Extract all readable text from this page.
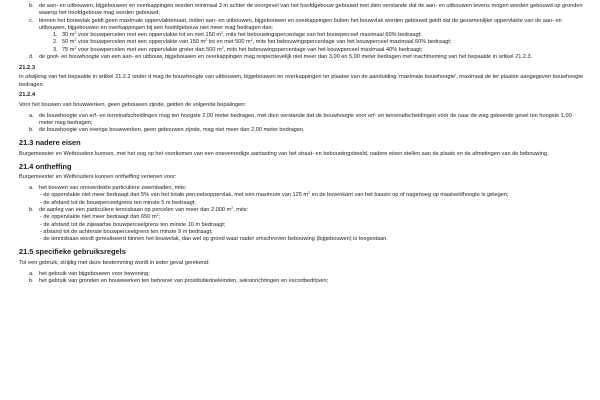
b. de aan- en uitbouwen, bijgebouwen en overkappingen worden minimaal 3 m achter de voorgevel van het hoofdgebouw gebouwd met dien verstande dat de aan- en uitbouwen tevens mogen worden gebouwd op gronden waarop het hoofdgebouw mag worden gebouwd;
c.	binnen het bouwvlak geldt geen maximale oppervlaktemaat, indien aan- en uitbouwen, bijgebouwen en overkappingen buiten het bouwvlak worden gebouwd geldt dat de gezamenlijke oppervlakte van de aan- en uitbouwen, bijgebouwen en overkappingen bij een hoofdgebouw niet meer mag bedragen dan:
1. 30 $m^2$ voor bouwpercelen met een oppervlakte tot en met 150 $m^2$, mits het bebouwingspercentage van het bouwperceel maximaal 60% bedraagt;
2. 50 $m^2$ voor bouwpercelen met een oppervlakte van 150 $m^2$ tot en met 500 $m^2$, mits het bebouwingspercentage van het bouwperceel maximaal 60% bedraagt;
3. 75 $m^2$ voor bouwpercelen met een oppervlakte groter dan 500 $m^2$, mits het bebouwingspercentage van het bouwperceel maximaal 40% bedraagt;
d. de goot- en bouwhoogte van een aan- en uitbouw, bijgebouwen en overkappingen mag respectievelijk niet meer dan 3,00 en 5,00 meter bedragen met inachtneming van het bepaalde in artikel 21.2.3.
21.2.3
In afwijking van het bepaalde in artikel 21.2.2 onder d mag de bouwhoogte van uitbouwen, bijgebouwen en overkappingen ter plaatse van de aanduiding 'maximale bouwhoogte', maximaal de ter plaatse aangegeven bouwhoogte bedragen.
21.2.4
Voor het bouwen van bouwwerken, geen gebouwen zijnde, gelden de volgende bepalingen:
a. de bouwhoogte van erf- en terreinafscheidingen mag ten hoogste 2,00 meter bedragen, met dien verstande dat de bouwhoogte voor erf- en terreinafscheidingen vóór de naar de weg gekeerde gevel ten hoogste 1,00 meter mag bedragen;
b. de bouwhoogte van overige bouwwerken, geen gebouwen zijnde, mag niet meer dan 2,00 meter bedragen.
21.3 nadere eisen
Burgemeester en Wethouders kunnen, met het oog op het voorkomen van een onevenredige aantasting van het straat- en bebouwingsbeeld, nadere eisen stellen aan de plaats en de afmetingen van de bebouwing.
21.4 ontheffing
Burgemeester en Wethouders kunnen ontheffing verlenen voor:
a. het bouwen van onoverdekte particuliere zwembaden, mits:
- de oppervlakte niet meer bedraagt dan 5% van het totale perceelsoppervlak, met een maximum van 125 $m^2$ en de bovenkant van het bassin op of nagenoeg op maaiveldhoogte is gelegen;
- de afstand tot de bouwperceelgrens ten minste 5 m bedraagt;
b. de aanleg van een particuliere tennisbaan op percelen van meer dan 2.000 $m^2$, mits:
- de oppervlakte niet meer bedraagt dan 650 $m^2$;
- de afstand tot de zijwaartse bouwperceelgrens ten minste 10 m bedraagt;
- afstand tot de achterste bouwperceelgrens ten minste 9 m bedraagt;
- de tennisbaan wordt gerealiseerd binnen het bouwvlak, dan wel op grond waar nader omschreven bebouwing (bijgebouwen) is toegestaan.
21.5 specifieke gebruiksregels
Tot een gebruik, strijdig met deze bestemming wordt in ieder geval gerekend:
a. het gebruik van bijgebouwen voor bewoning;
b. het gebruik van gronden en bouwwerken ten behoeve van prostitutiedoeleinden, seksinrichtingen en escortbedrijven;
